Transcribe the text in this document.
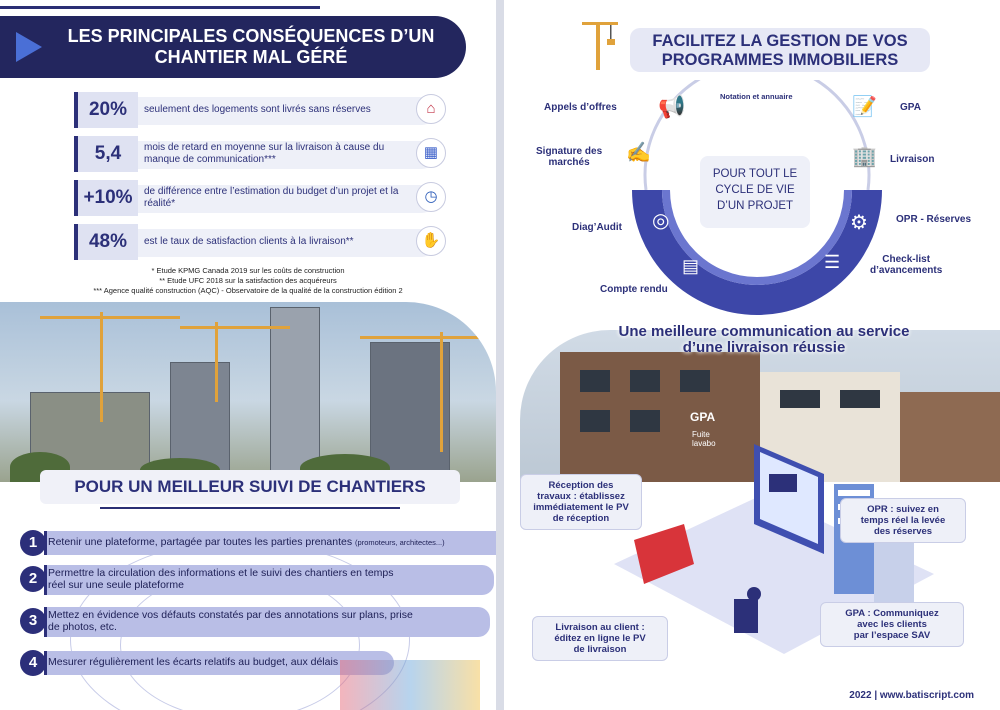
LES PRINCIPALES CONSÉQUENCES D’UN
CHANTIER MAL GÉRÉ
20%	seulement des logements sont livrés sans réserves	⌂
5,4	mois de retard en moyenne sur la livraison à cause du manque de communication***	▦
+10%	de différence entre l’estimation du budget d’un projet et la réalité*	◷
48%	est le taux de satisfaction clients à la livraison**	✋
* Etude KPMG Canada 2019 sur les coûts de construction
** Etude UFC 2018 sur la satisfaction des acquéreurs
*** Agence qualité construction (AQC) - Observatoire de la qualité de la construction édition 2
POUR UN MEILLEUR SUIVI DE CHANTIERS
1	Retenir une plateforme, partagée par toutes les parties prenantes (promoteurs, architectes...)
2	Permettre la circulation des informations et le suivi des chantiers en temps
réel sur une seule plateforme
3	Mettez en évidence vos défauts constatés par des annotations sur plans, prise
de photos, etc.
4	Mesurer régulièrement les écarts relatifs au budget, aux délais
FACILITEZ LA GESTION DE VOS
PROGRAMMES IMMOBILIERS
POUR TOUT LE
CYCLE DE VIE
D’UN PROJET
Appels d’offres 📢	Notation et annuaire	📝 GPA
Signature des
marchés	✍	🏢 Livraison
Diag’Audit ◎	⚙	OPR - Réserves
Check-list
d’avancements
☰
▤
Compte rendu
Une meilleure communication au service
d’une livraison réussie
GPA
Fuite
lavabo
Réception des
travaux : établissez
immédiatement le PV
de réception
OPR : suivez en
temps réel la levée
des réserves
Livraison au client :
éditez en ligne le PV
de livraison
GPA : Communiquez
avec les clients
par l’espace SAV
2022 | www.batiscript.com
